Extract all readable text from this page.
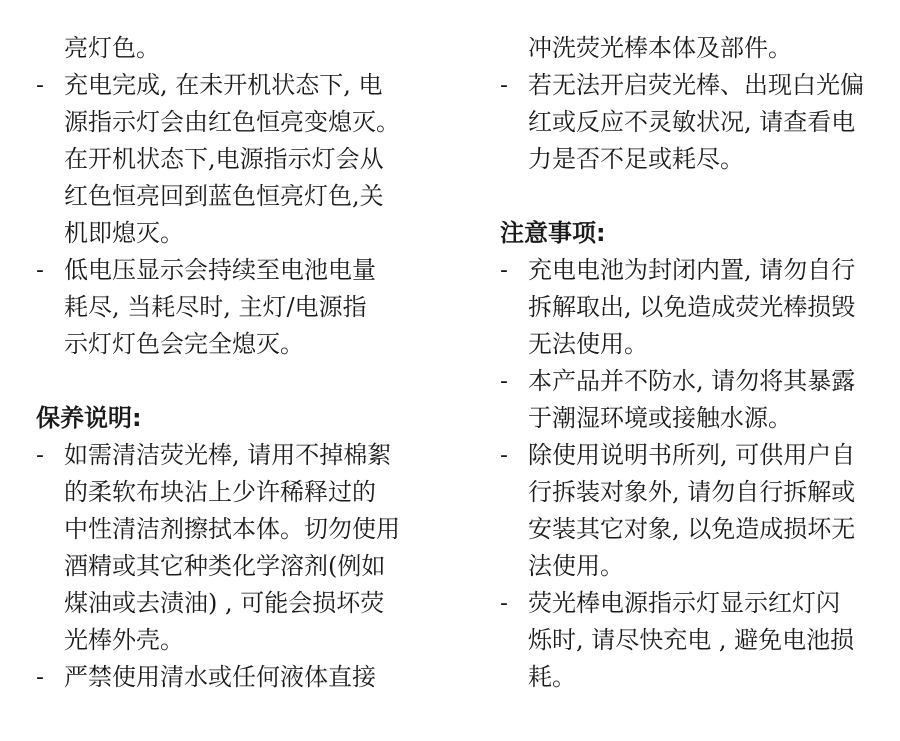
亮灯色。
- 充电完成, 在未开机状态下, 电
源指示灯会由红色恒亮变熄灭。
在开机状态下,电源指示灯会从
红色恒亮回到蓝色恒亮灯色,关
机即熄灭。
- 低电压显示会持续至电池电量
耗尽, 当耗尽时, 主灯/电源指
示灯灯色会完全熄灭。
保养说明:
- 如需清洁荧光棒, 请用不掉棉絮
的柔软布块沾上少许稀释过的
中性清洁剂擦拭本体。切勿使用
酒精或其它种类化学溶剂(例如
煤油或去渍油) , 可能会损坏荧
光棒外壳。
- 严禁使用清水或任何液体直接
冲洗荧光棒本体及部件。
- 若无法开启荧光棒、出现白光偏
红或反应不灵敏状况, 请查看电
力是否不足或耗尽。
注意事项:
- 充电电池为封闭内置, 请勿自行
拆解取出, 以免造成荧光棒损毁
无法使用。
- 本产品并不防水, 请勿将其暴露
于潮湿环境或接触水源。
- 除使用说明书所列, 可供用户自
行拆装对象外, 请勿自行拆解或
安装其它对象, 以免造成损坏无
法使用。
- 荧光棒电源指示灯显示红灯闪
烁时, 请尽快充电 , 避免电池损
耗。
